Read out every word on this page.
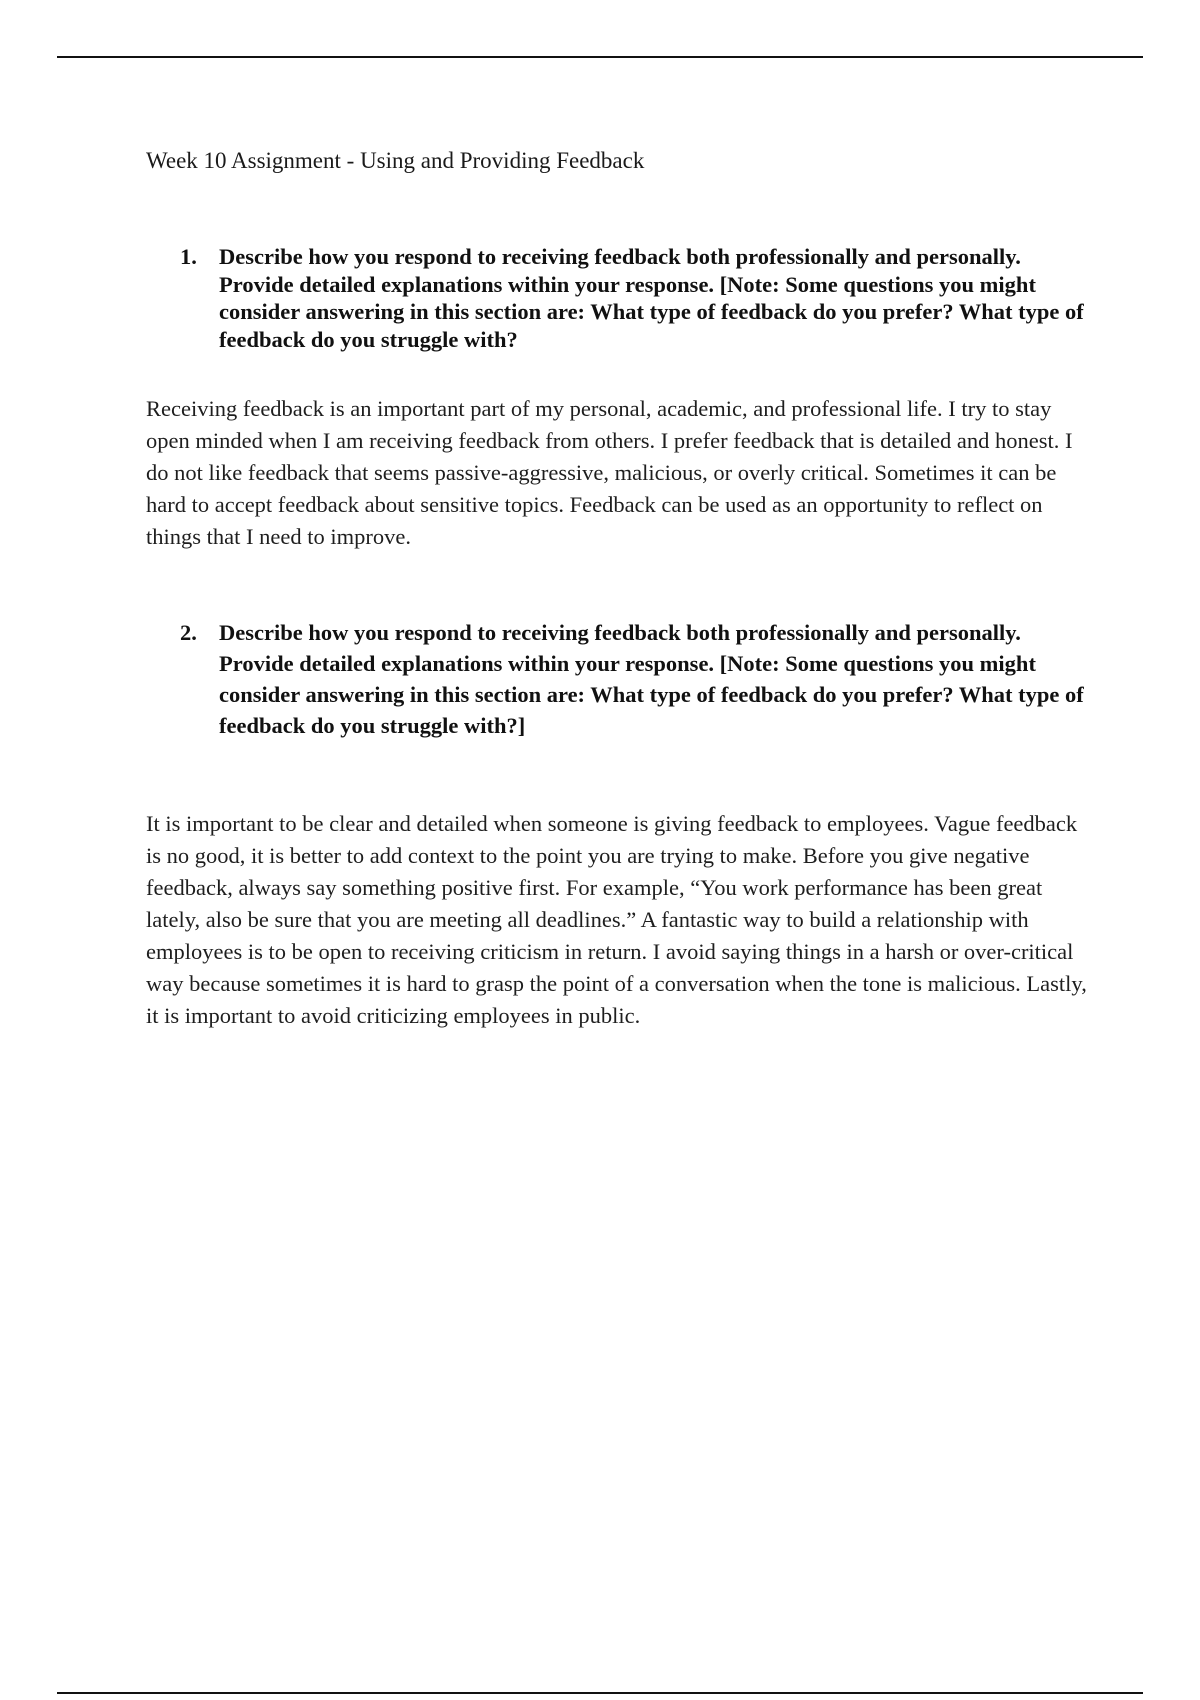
Week 10 Assignment - Using and Providing Feedback
1. Describe how you respond to receiving feedback both professionally and personally. Provide detailed explanations within your response. [Note: Some questions you might consider answering in this section are: What type of feedback do you prefer? What type of feedback do you struggle with?

Receiving feedback is an important part of my personal, academic, and professional life. I try to stay open minded when I am receiving feedback from others. I prefer feedback that is detailed and honest. I do not like feedback that seems passive-aggressive, malicious, or overly critical. Sometimes it can be hard to accept feedback about sensitive topics. Feedback can be used as an opportunity to reflect on things that I need to improve.

2. Describe how you respond to receiving feedback both professionally and personally. Provide detailed explanations within your response. [Note: Some questions you might consider answering in this section are: What type of feedback do you prefer? What type of feedback do you struggle with?]

It is important to be clear and detailed when someone is giving feedback to employees. Vague feedback is no good, it is better to add context to the point you are trying to make. Before you give negative feedback, always say something positive first. For example, “You work performance has been great lately, also be sure that you are meeting all deadlines.” A fantastic way to build a relationship with employees is to be open to receiving criticism in return. I avoid saying things in a harsh or over-critical way because sometimes it is hard to grasp the point of a conversation when the tone is malicious. Lastly, it is important to avoid criticizing employees in public.
